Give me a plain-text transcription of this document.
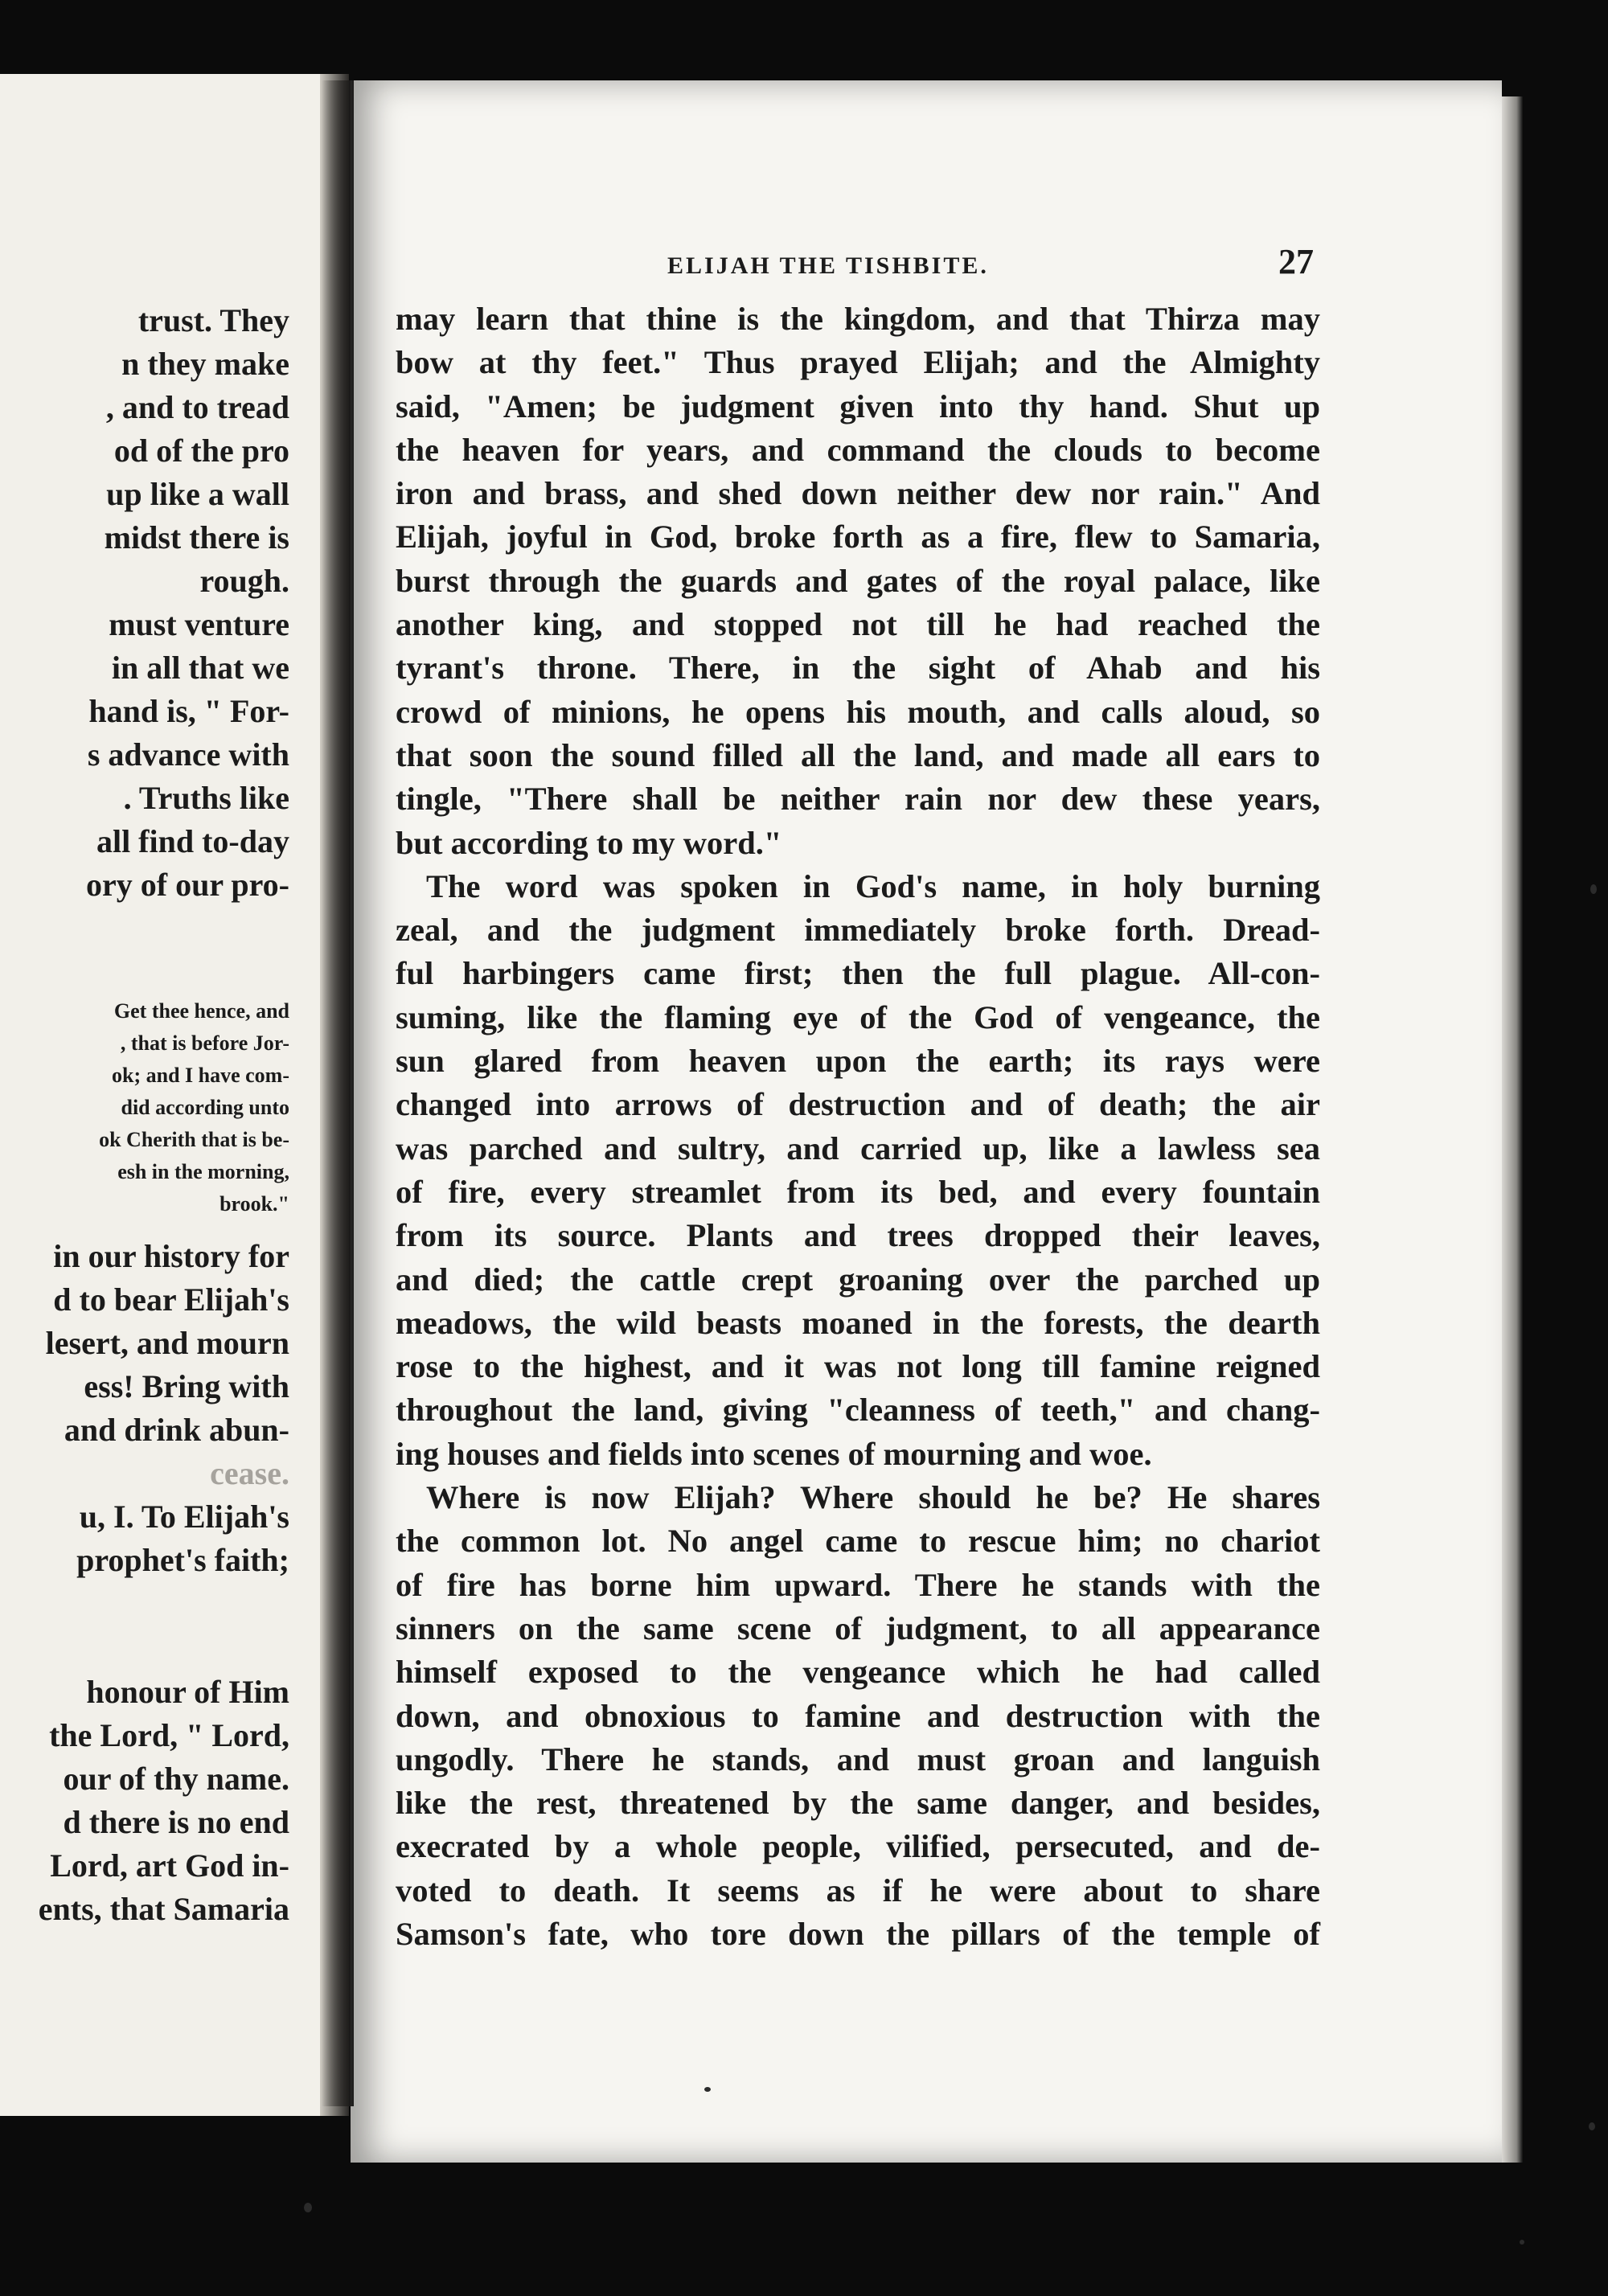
trust. They
n they make
, and to tread
od of the pro
up like a wall
midst there is
rough.
must venture
in all that we
hand is, " For-
s advance with
. Truths like
all find to-day
ory of our pro-
Get thee hence, and
, that is before Jor-
ok; and I have com-
did according unto
ok Cherith that is be-
esh in the morning,
brook."
in our history for
d to bear Elijah's
lesert, and mourn
ess! Bring with
and drink abun-
cease.
u, I. To Elijah's
prophet's faith;
honour of Him
the Lord, " Lord,
our of thy name.
d there is no end
Lord, art God in-
ents, that Samaria
ELIJAH THE TISHBITE.	27
may learn that thine is the kingdom, and that Thirza may
bow at thy feet." Thus prayed Elijah; and the Almighty
said, "Amen; be judgment given into thy hand. Shut up
the heaven for years, and command the clouds to become
iron and brass, and shed down neither dew nor rain." And
Elijah, joyful in God, broke forth as a fire, flew to Samaria,
burst through the guards and gates of the royal palace, like
another king, and stopped not till he had reached the
tyrant's throne. There, in the sight of Ahab and his
crowd of minions, he opens his mouth, and calls aloud, so
that soon the sound filled all the land, and made all ears to
tingle, "There shall be neither rain nor dew these years,
but according to my word."
The word was spoken in God's name, in holy burning
zeal, and the judgment immediately broke forth. Dread-
ful harbingers came first; then the full plague. All-con-
suming, like the flaming eye of the God of vengeance, the
sun glared from heaven upon the earth; its rays were
changed into arrows of destruction and of death; the air
was parched and sultry, and carried up, like a lawless sea
of fire, every streamlet from its bed, and every fountain
from its source. Plants and trees dropped their leaves,
and died; the cattle crept groaning over the parched up
meadows, the wild beasts moaned in the forests, the dearth
rose to the highest, and it was not long till famine reigned
throughout the land, giving "cleanness of teeth," and chang-
ing houses and fields into scenes of mourning and woe.
Where is now Elijah? Where should he be? He shares
the common lot. No angel came to rescue him; no chariot
of fire has borne him upward. There he stands with the
sinners on the same scene of judgment, to all appearance
himself exposed to the vengeance which he had called
down, and obnoxious to famine and destruction with the
ungodly. There he stands, and must groan and languish
like the rest, threatened by the same danger, and besides,
execrated by a whole people, vilified, persecuted, and de-
voted to death. It seems as if he were about to share
Samson's fate, who tore down the pillars of the temple of
